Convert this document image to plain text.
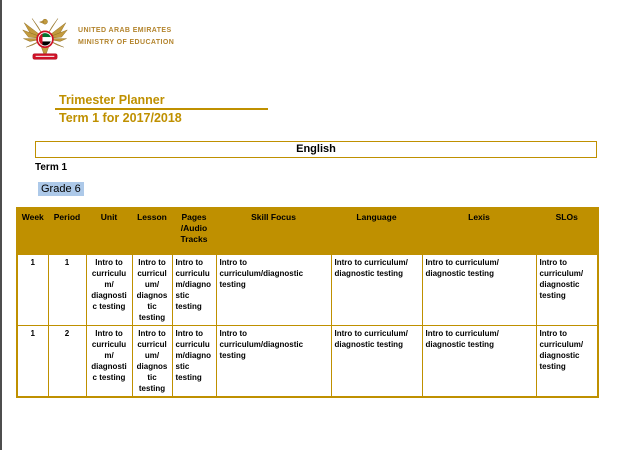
UNITED ARAB EMIRATES
MINISTRY OF EDUCATION
Trimester Planner
Term 1 for 2017/2018
English
Term 1
Grade 6
Week	Period	Unit	Lesson	Pages /Audio Tracks	Skill Focus	Language	Lexis	SLOs
1	1	Intro to curriculum/ diagnostic testing	Intro to curriculum/ diagnostic testing	Intro to curriculum/diagnostic testing	Intro to curriculum/diagnostic testing	Intro to curriculum/ diagnostic testing	Intro to curriculum/ diagnostic testing	Intro to curriculum/ diagnostic testing
1	2	Intro to curriculum/ diagnostic testing	Intro to curriculum/ diagnostic testing	Intro to curriculum/diagnostic testing	Intro to curriculum/diagnostic testing	Intro to curriculum/ diagnostic testing	Intro to curriculum/ diagnostic testing	Intro to curriculum/ diagnostic testing
